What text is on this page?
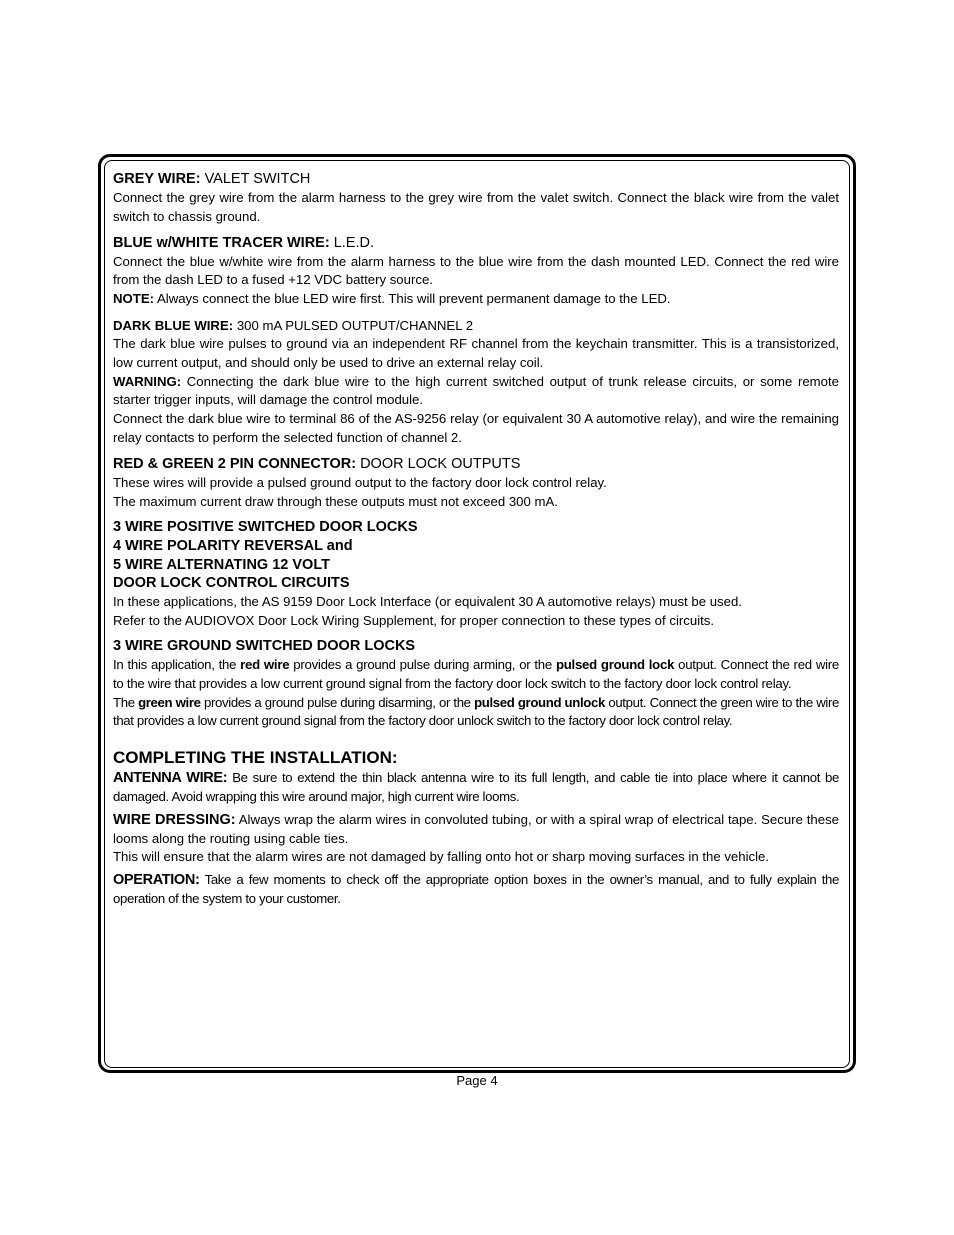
GREY WIRE: VALET SWITCH

Connect the grey wire from the alarm harness to the grey wire from the valet switch. Connect the black wire from the valet switch to chassis ground.

BLUE w/WHITE TRACER WIRE: L.E.D.

Connect the blue w/white wire from the alarm harness to the blue wire from the dash mounted LED. Connect the red wire from the dash LED to a fused +12 VDC battery source.

NOTE: Always connect the blue LED wire first. This will prevent permanent damage to the LED.

DARK BLUE WIRE: 300 mA PULSED OUTPUT/CHANNEL 2

The dark blue wire pulses to ground via an independent RF channel from the keychain transmitter. This is a transistorized, low current output, and should only be used to drive an external relay coil.

WARNING: Connecting the dark blue wire to the high current switched output of trunk release circuits, or some remote starter trigger inputs, will damage the control module.

Connect the dark blue wire to terminal 86 of the AS-9256 relay (or equivalent 30 A automotive relay), and wire the remaining relay contacts to perform the selected function of channel 2.

RED & GREEN 2 PIN CONNECTOR: DOOR LOCK OUTPUTS

These wires will provide a pulsed ground output to the factory door lock control relay.

The maximum current draw through these outputs must not exceed 300 mA.

3 WIRE POSITIVE SWITCHED DOOR LOCKS

4 WIRE POLARITY REVERSAL and

5 WIRE ALTERNATING 12 VOLT

DOOR LOCK CONTROL CIRCUITS

In these applications, the AS 9159 Door Lock Interface (or equivalent 30 A automotive relays) must be used.

Refer to the AUDIOVOX Door Lock Wiring Supplement, for proper connection to these types of circuits.

3 WIRE GROUND SWITCHED DOOR LOCKS

In this application, the red wire provides a ground pulse during arming, or the pulsed ground lock output. Connect the red wire to the wire that provides a low current ground signal from the factory door lock switch to the factory door lock control relay.

The green wire provides a ground pulse during disarming, or the pulsed ground unlock output. Connect the green wire to the wire that provides a low current ground signal from the factory door unlock switch to the factory door lock control relay.

COMPLETING THE INSTALLATION:

ANTENNA WIRE: Be sure to extend the thin black antenna wire to its full length, and cable tie into place where it cannot be damaged. Avoid wrapping this wire around major, high current wire looms.

WIRE DRESSING: Always wrap the alarm wires in convoluted tubing, or with a spiral wrap of electrical tape. Secure these looms along the routing using cable ties.

This will ensure that the alarm wires are not damaged by falling onto hot or sharp moving surfaces in the vehicle.

OPERATION: Take a few moments to check off the appropriate option boxes in the owner’s manual, and to fully explain the operation of the system to your customer.

Page 4
